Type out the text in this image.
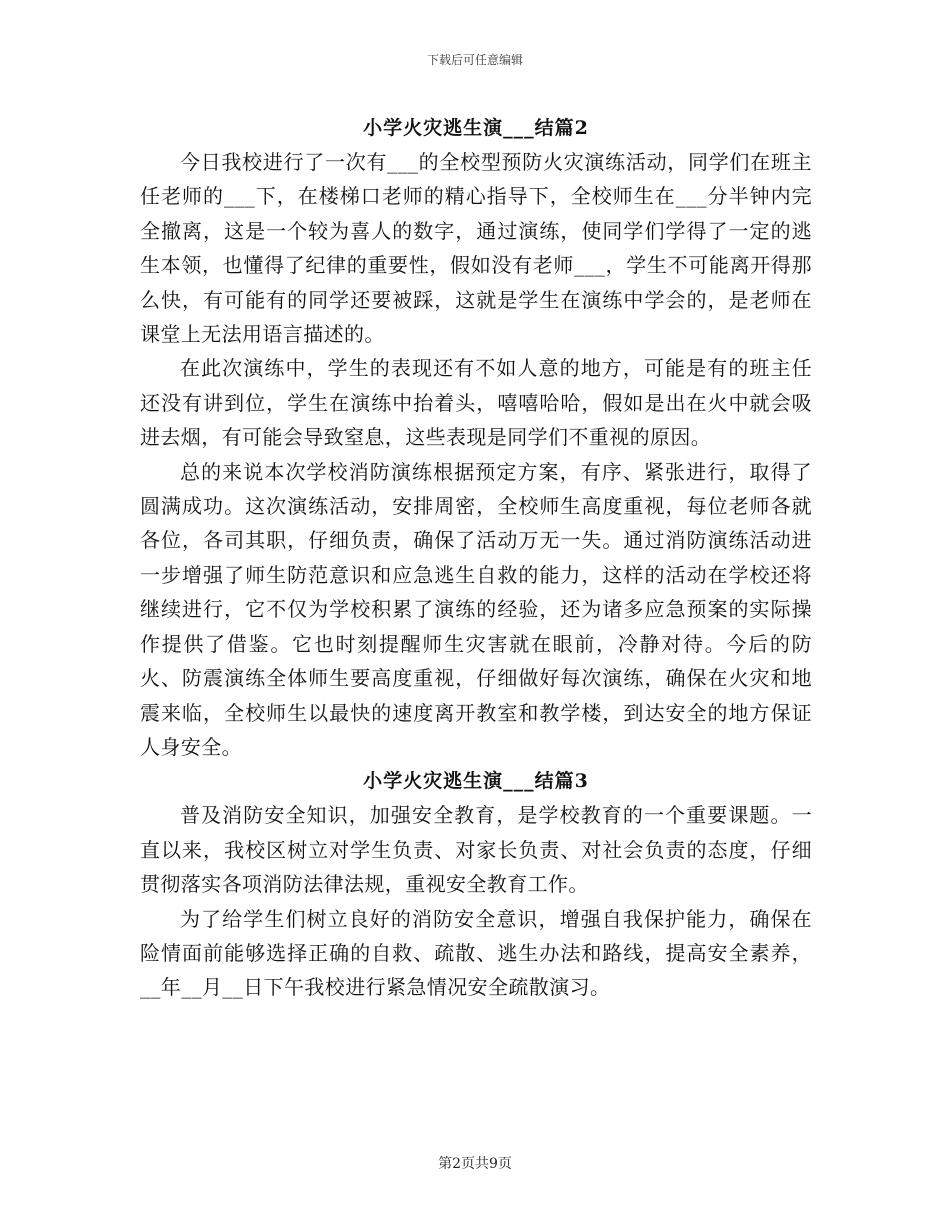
下载后可任意编辑
小学火灾逃生演___结篇2

今日我校进行了一次有___的全校型预防火灾演练活动，同学们在班主任老师的___下，在楼梯口老师的精心指导下，全校师生在___分半钟内完全撤离，这是一个较为喜人的数字，通过演练，使同学们学得了一定的逃生本领，也懂得了纪律的重要性，假如没有老师___，学生不可能离开得那么快，有可能有的同学还要被踩，这就是学生在演练中学会的，是老师在课堂上无法用语言描述的。

在此次演练中，学生的表现还有不如人意的地方，可能是有的班主任还没有讲到位，学生在演练中抬着头，嘻嘻哈哈，假如是出在火中就会吸进去烟，有可能会导致窒息，这些表现是同学们不重视的原因。

总的来说本次学校消防演练根据预定方案，有序、紧张进行，取得了圆满成功。这次演练活动，安排周密，全校师生高度重视，每位老师各就各位，各司其职，仔细负责，确保了活动万无一失。通过消防演练活动进一步增强了师生防范意识和应急逃生自救的能力，这样的活动在学校还将继续进行，它不仅为学校积累了演练的经验，还为诸多应急预案的实际操作提供了借鉴。它也时刻提醒师生灾害就在眼前，冷静对待。今后的防火、防震演练全体师生要高度重视，仔细做好每次演练，确保在火灾和地震来临，全校师生以最快的速度离开教室和教学楼，到达安全的地方保证人身安全。

小学火灾逃生演___结篇3

普及消防安全知识，加强安全教育，是学校教育的一个重要课题。一直以来，我校区树立对学生负责、对家长负责、对社会负责的态度，仔细贯彻落实各项消防法律法规，重视安全教育工作。

为了给学生们树立良好的消防安全意识，增强自我保护能力，确保在险情面前能够选择正确的自救、疏散、逃生办法和路线，提高安全素养，__年__月__日下午我校进行紧急情况安全疏散演习。

第2页共9页
